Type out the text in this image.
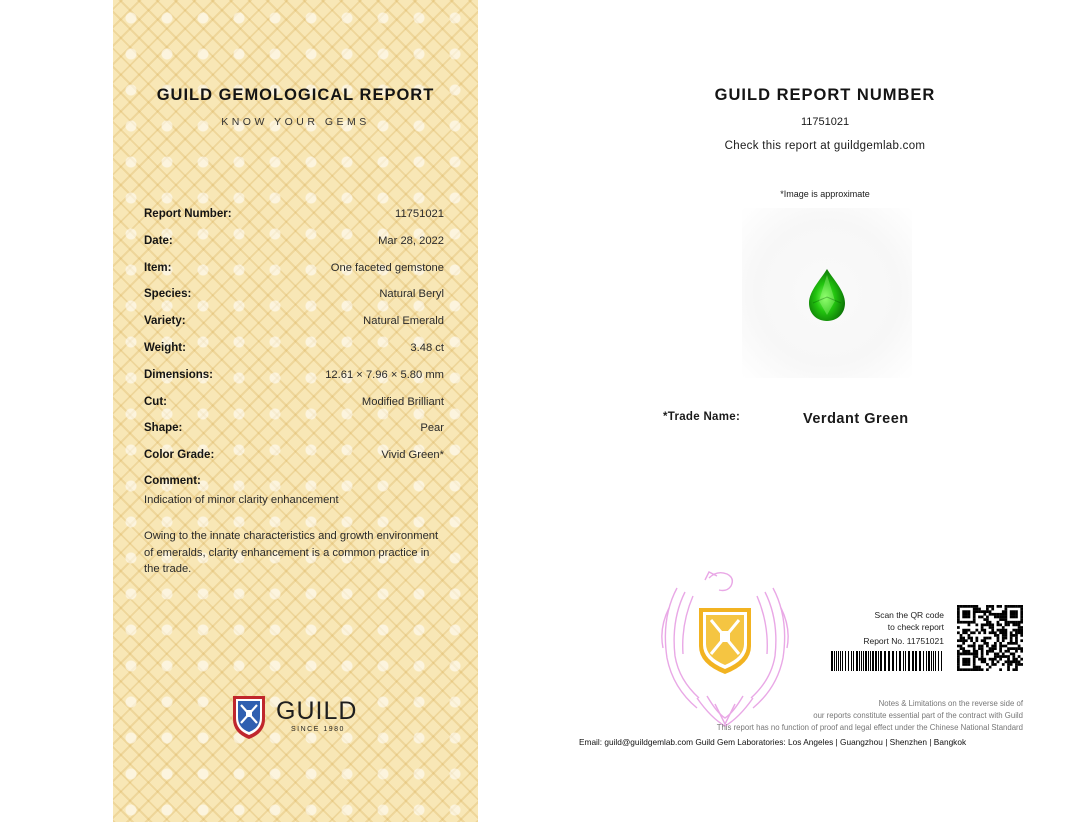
GUILD GEMOLOGICAL REPORT
KNOW YOUR GEMS
Report Number:	11751021
Date:	Mar 28, 2022
Item:	One faceted gemstone
Species:	Natural Beryl
Variety:	Natural Emerald
Weight:	3.48 ct
Dimensions:	12.61 × 7.96 × 5.80 mm
Cut:	Modified Brilliant
Shape:	Pear
Color Grade:	Vivid Green*
Comment:
Indication of minor clarity enhancement
Owing to the innate characteristics and growth environment of emeralds, clarity enhancement is a common practice in the trade.
GUILD
SINCE 1980
GUILD REPORT NUMBER
11751021
Check this report at guildgemlab.com
*Image is approximate
*Trade Name:	Verdant Green
Scan the QR code
to check report
Report No. 11751021
Notes & Limitations on the reverse side of
our reports constitute essential part of the contract with Guild
This report has no function of proof and legal effect under the Chinese National Standard
Email: guild@guildgemlab.com Guild Gem Laboratories: Los Angeles | Guangzhou | Shenzhen | Bangkok
